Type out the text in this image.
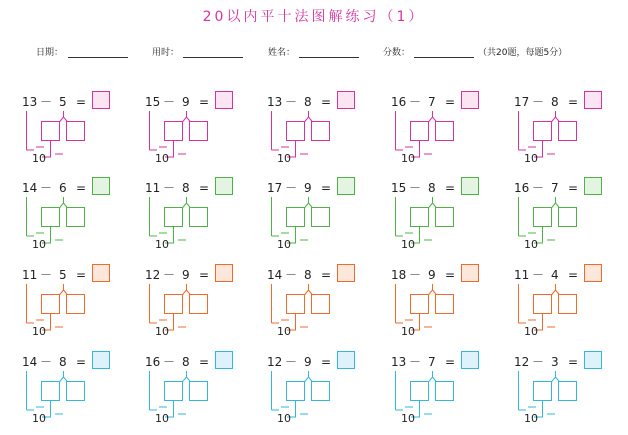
20以内平十法图解练习（1）
日期：	用时：	姓名：	分数：	（共20题，每题5分）
13 － 5 =
10
15 － 9 =
10
13 － 8 =
10
16 － 7 =
10
17 － 8 =
10
14 － 6 =
10
11 － 8 =
10
17 － 9 =
10
15 － 8 =
10
16 － 7 =
10
11 － 5 =
10
12 － 9 =
10
14 － 8 =
10
18 － 9 =
10
11 － 4 =
10
14 － 8 =
10
16 － 8 =
10
12 － 9 =
10
13 － 7 =
10
12 － 3 =
10
